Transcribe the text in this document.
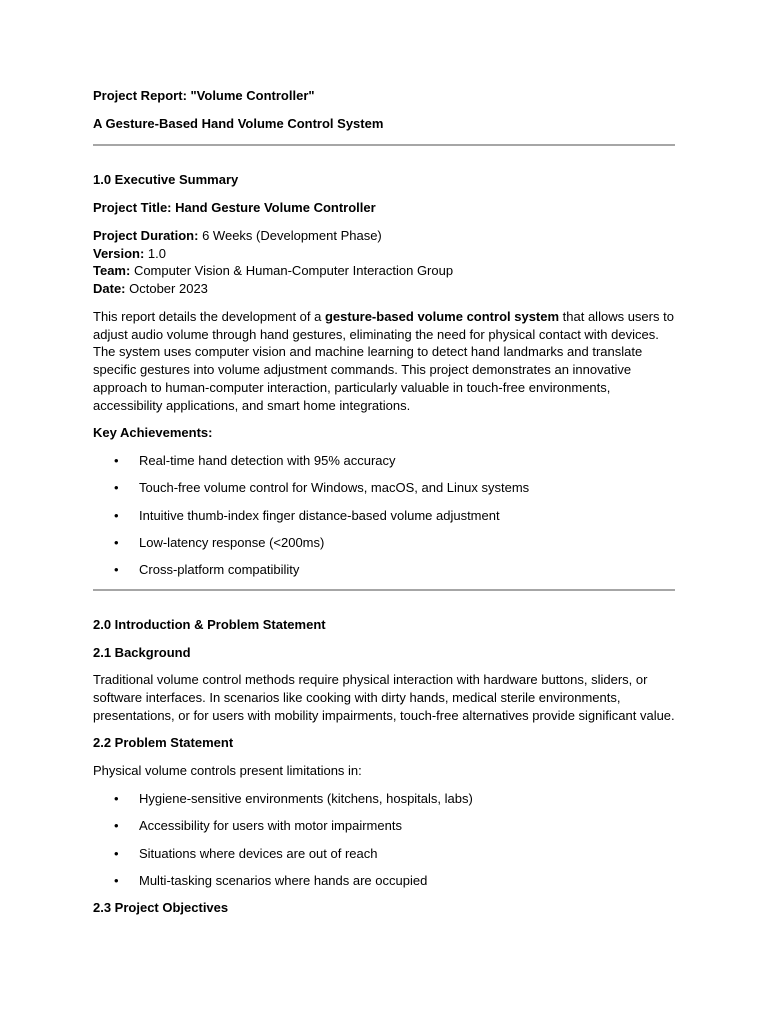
Project Report: "Volume Controller"

A Gesture-Based Hand Volume Control System

1.0 Executive Summary

Project Title: Hand Gesture Volume Controller

Project Duration: 6 Weeks (Development Phase)

Version: 1.0

Team: Computer Vision & Human-Computer Interaction Group

Date: October 2023

This report details the development of a gesture-based volume control system that allows users to adjust audio volume through hand gestures, eliminating the need for physical contact with devices. The system uses computer vision and machine learning to detect hand landmarks and translate specific gestures into volume adjustment commands. This project demonstrates an innovative approach to human-computer interaction, particularly valuable in touch-free environments, accessibility applications, and smart home integrations.

Key Achievements:

• Real-time hand detection with 95% accuracy
• Touch-free volume control for Windows, macOS, and Linux systems
• Intuitive thumb-index finger distance-based volume adjustment
• Low-latency response (<200ms)
• Cross-platform compatibility

2.0 Introduction & Problem Statement

2.1 Background

Traditional volume control methods require physical interaction with hardware buttons, sliders, or software interfaces. In scenarios like cooking with dirty hands, medical sterile environments, presentations, or for users with mobility impairments, touch-free alternatives provide significant value.

2.2 Problem Statement

Physical volume controls present limitations in:

• Hygiene-sensitive environments (kitchens, hospitals, labs)
• Accessibility for users with motor impairments
• Situations where devices are out of reach
• Multi-tasking scenarios where hands are occupied

2.3 Project Objectives
